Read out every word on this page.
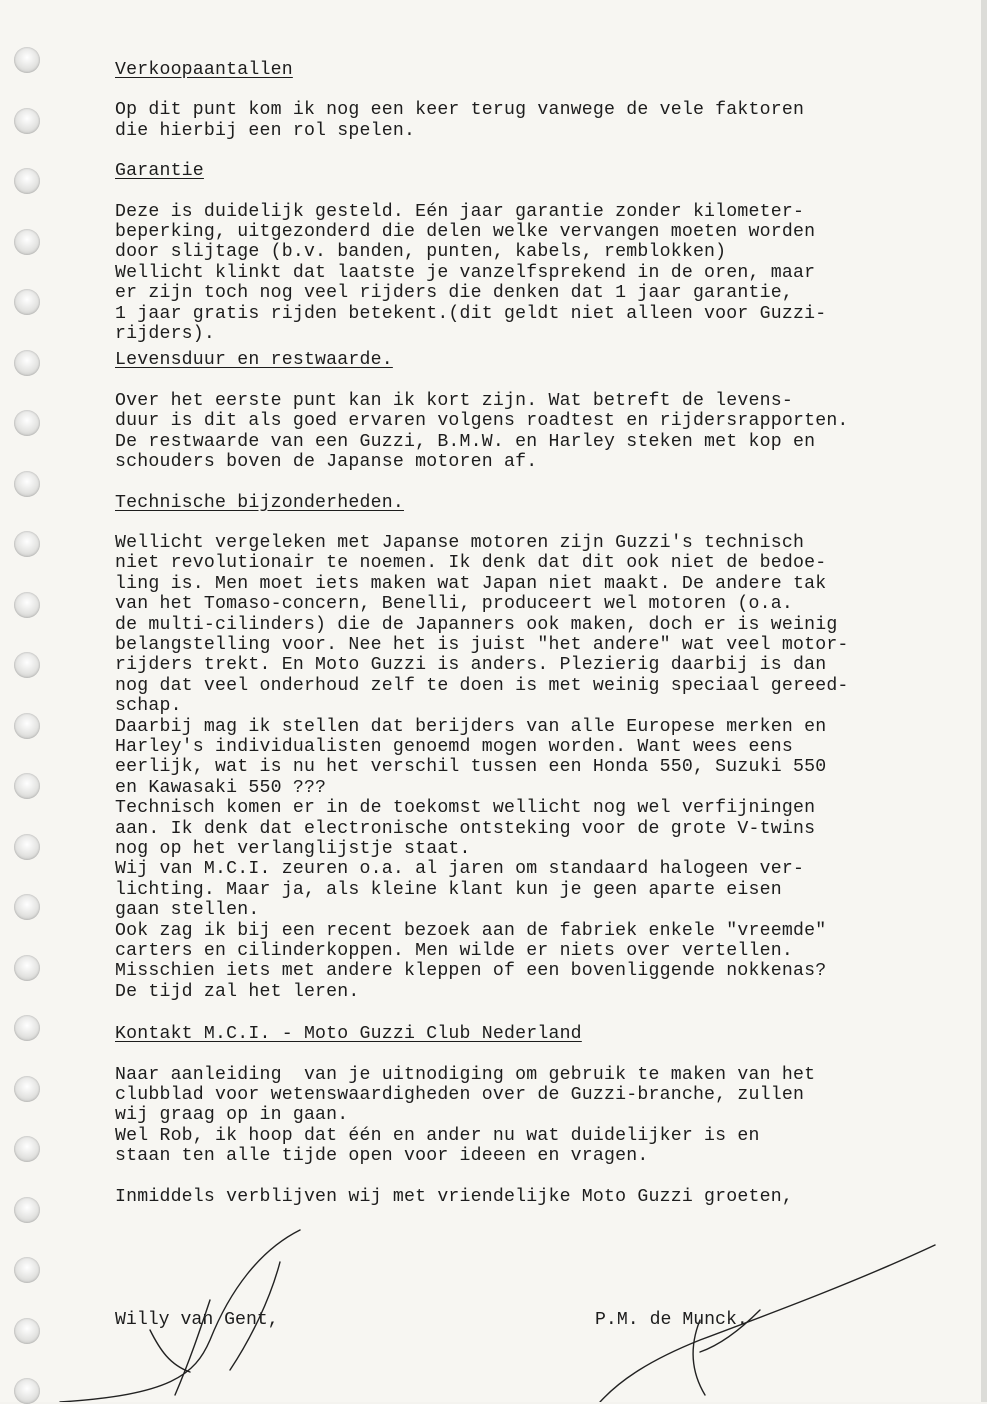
Verkoopaantallen

Op dit punt kom ik nog een keer terug vanwege de vele faktoren
die hierbij een rol spelen.

Garantie

Deze is duidelijk gesteld. Eén jaar garantie zonder kilometer-
beperking, uitgezonderd die delen welke vervangen moeten worden
door slijtage (b.v. banden, punten, kabels, remblokken)
Wellicht klinkt dat laatste je vanzelfsprekend in de oren, maar
er zijn toch nog veel rijders die denken dat 1 jaar garantie,
1 jaar gratis rijden betekent.(dit geldt niet alleen voor Guzzi-
rijders).

Levensduur en restwaarde.

Over het eerste punt kan ik kort zijn. Wat betreft de levens-
duur is dit als goed ervaren volgens roadtest en rijdersrapporten.
De restwaarde van een Guzzi, B.M.W. en Harley steken met kop en
schouders boven de Japanse motoren af.

Technische bijzonderheden.

Wellicht vergeleken met Japanse motoren zijn Guzzi's technisch
niet revolutionair te noemen. Ik denk dat dit ook niet de bedoe-
ling is. Men moet iets maken wat Japan niet maakt. De andere tak
van het Tomaso-concern, Benelli, produceert wel motoren (o.a.
de multi-cilinders) die de Japanners ook maken, doch er is weinig
belangstelling voor. Nee het is juist "het andere" wat veel motor-
rijders trekt. En Moto Guzzi is anders. Plezierig daarbij is dan
nog dat veel onderhoud zelf te doen is met weinig speciaal gereed-
schap.
Daarbij mag ik stellen dat berijders van alle Europese merken en
Harley's individualisten genoemd mogen worden. Want wees eens
eerlijk, wat is nu het verschil tussen een Honda 550, Suzuki 550
en Kawasaki 550 ???
Technisch komen er in de toekomst wellicht nog wel verfijningen
aan. Ik denk dat electronische ontsteking voor de grote V-twins
nog op het verlanglijstje staat.
Wij van M.C.I. zeuren o.a. al jaren om standaard halogeen ver-
lichting. Maar ja, als kleine klant kun je geen aparte eisen
gaan stellen.
Ook zag ik bij een recent bezoek aan de fabriek enkele "vreemde"
carters en cilinderkoppen. Men wilde er niets over vertellen.
Misschien iets met andere kleppen of een bovenliggende nokkenas?
De tijd zal het leren.

Kontakt M.C.I. - Moto Guzzi Club Nederland

Naar aanleiding  van je uitnodiging om gebruik te maken van het
clubblad voor wetenswaardigheden over de Guzzi-branche, zullen
wij graag op in gaan.
Wel Rob, ik hoop dat één en ander nu wat duidelijker is en
staan ten alle tijde open voor ideeen en vragen.

Inmiddels verblijven wij met vriendelijke Moto Guzzi groeten,

Willy van Gent,	P.M. de Munck.
